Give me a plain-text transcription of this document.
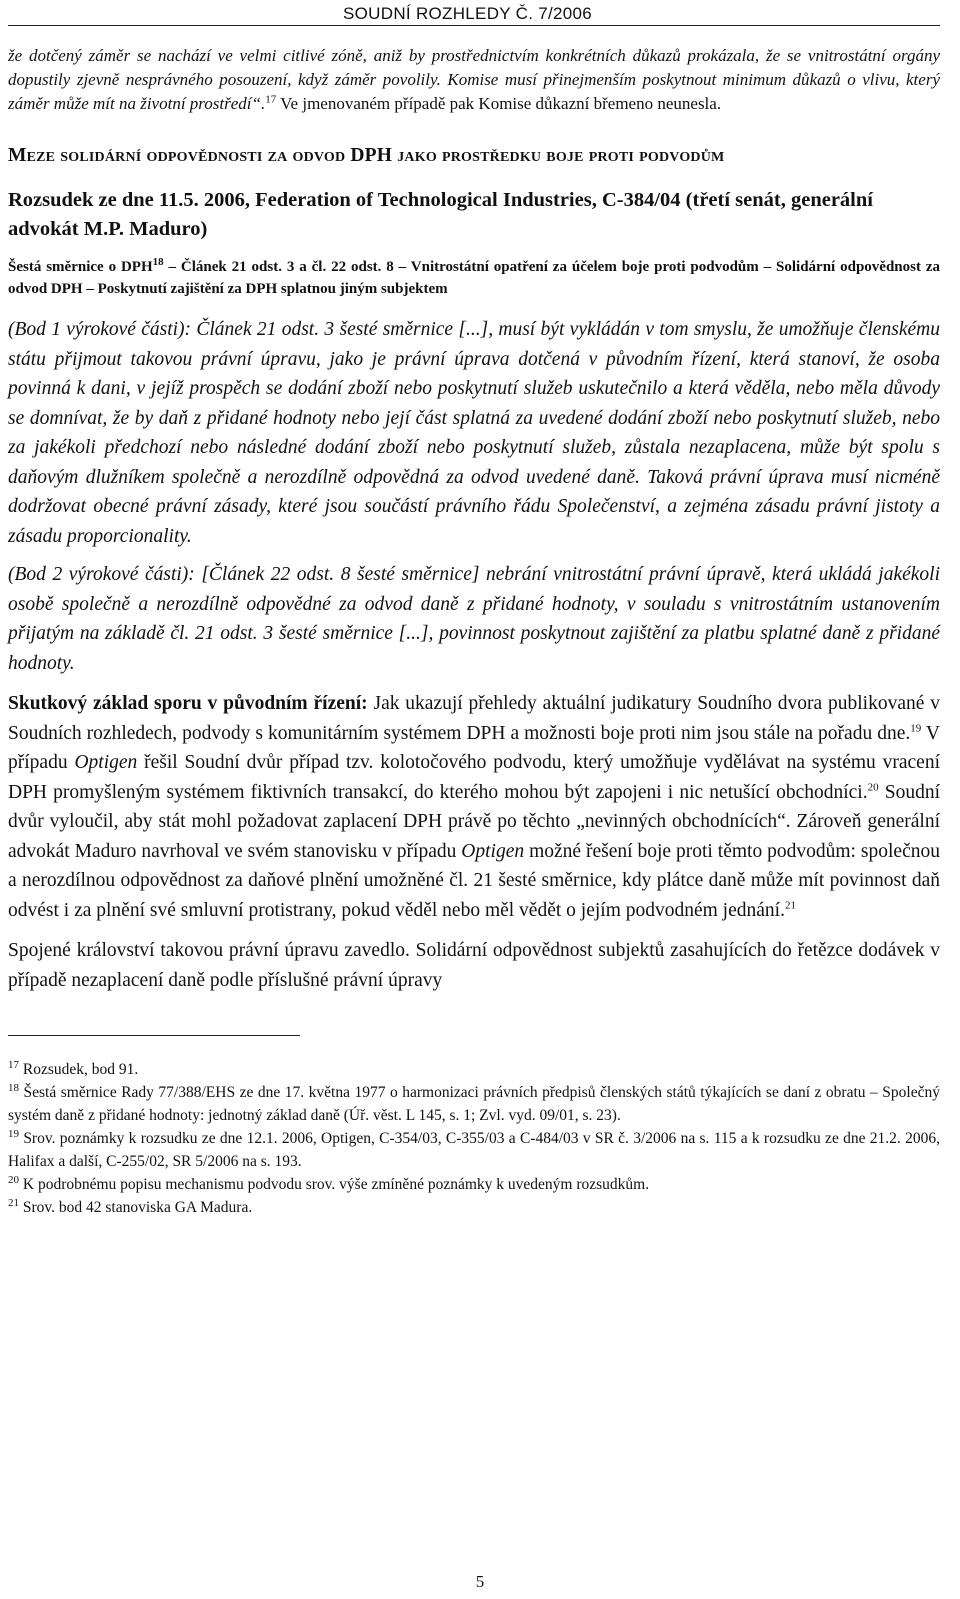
SOUDNÍ ROZHLEDY Č. 7/2006

že dotčený záměr se nachází ve velmi citlivé zóně, aniž by prostřednictvím konkrétních důkazů prokázala, že se vnitrostátní orgány dopustily zjevně nesprávného posouzení, když záměr povolily. Komise musí přinejmenším poskytnout minimum důkazů o vlivu, který záměr může mít na životní prostředí“.$^{17}$ Ve jmenovaném případě pak Komise důkazní břemeno neunesla.

Meze solidární odpovědnosti za odvod DPH jako prostředku boje proti podvodům
Rozsudek ze dne 11.5. 2006, Federation of Technological Industries, C-384/04 (třetí senát, generální advokát M.P. Maduro)
Šestá směrnice o DPH$^{18}$ – Článek 21 odst. 3 a čl. 22 odst. 8 – Vnitrostátní opatření za účelem boje proti podvodům – Solidární odpovědnost za odvod DPH – Poskytnutí zajištění za DPH splatnou jiným subjektem
(Bod 1 výrokové části): Článek 21 odst. 3 šesté směrnice [...], musí být vykládán v tom smyslu, že umožňuje členskému státu přijmout takovou právní úpravu, jako je právní úprava dotčená v původním řízení, která stanoví, že osoba povinná k dani, v jejíž prospěch se dodání zboží nebo poskytnutí služeb uskutečnilo a která věděla, nebo měla důvody se domnívat, že by daň z přidané hodnoty nebo její část splatná za uvedené dodání zboží nebo poskytnutí služeb, nebo za jakékoli předchozí nebo následné dodání zboží nebo poskytnutí služeb, zůstala nezaplacena, může být spolu s daňovým dlužníkem společně a nerozdílně odpovědná za odvod uvedené daně. Taková právní úprava musí nicméně dodržovat obecné právní zásady, které jsou součástí právního řádu Společenství, a zejména zásadu právní jistoty a zásadu proporcionality.
(Bod 2 výrokové části): [Článek 22 odst. 8 šesté směrnice] nebrání vnitrostátní právní úpravě, která ukládá jakékoli osobě společně a nerozdílně odpovědné za odvod daně z přidané hodnoty, v souladu s vnitrostátním ustanovením přijatým na základě čl. 21 odst. 3 šesté směrnice [...], povinnost poskytnout zajištění za platbu splatné daně z přidané hodnoty.
Skutkový základ sporu v původním řízení: Jak ukazují přehledy aktuální judikatury Soudního dvora publikované v Soudních rozhledech, podvody s komunitárním systémem DPH a možnosti boje proti nim jsou stále na pořadu dne.$^{19}$ V případu Optigen řešil Soudní dvůr případ tzv. kolotočového podvodu, který umožňuje vydělávat na systému vracení DPH promyšleným systémem fiktivních transakcí, do kterého mohou být zapojeni i nic netušící obchodníci.$^{20}$ Soudní dvůr vyloučil, aby stát mohl požadovat zaplacení DPH právě po těchto „nevinných obchodnících“. Zároveň generální advokát Maduro navrhoval ve svém stanovisku v případu Optigen možné řešení boje proti těmto podvodům: společnou a nerozdílnou odpovědnost za daňové plnění umožněné čl. 21 šesté směrnice, kdy plátce daně může mít povinnost daň odvést i za plnění své smluvní protistrany, pokud věděl nebo měl vědět o jejím podvodném jednání.$^{21}$
Spojené království takovou právní úpravu zavedlo. Solidární odpovědnost subjektů zasahujících do řetězce dodávek v případě nezaplacení daně podle příslušné právní úpravy

$^{17}$ Rozsudek, bod 91.

$^{18}$ Šestá směrnice Rady 77/388/EHS ze dne 17. května 1977 o harmonizaci právních předpisů členských států týkajících se daní z obratu – Společný systém daně z přidané hodnoty: jednotný základ daně (Úř. věst. L 145, s. 1; Zvl. vyd. 09/01, s. 23).

$^{19}$ Srov. poznámky k rozsudku ze dne 12.1. 2006, Optigen, C-354/03, C-355/03 a C-484/03 v SR č. 3/2006 na s. 115 a k rozsudku ze dne 21.2. 2006, Halifax a další, C-255/02, SR 5/2006 na s. 193.

$^{20}$ K podrobnému popisu mechanismu podvodu srov. výše zmíněné poznámky k uvedeným rozsudkům.

$^{21}$ Srov. bod 42 stanoviska GA Madura.

5
